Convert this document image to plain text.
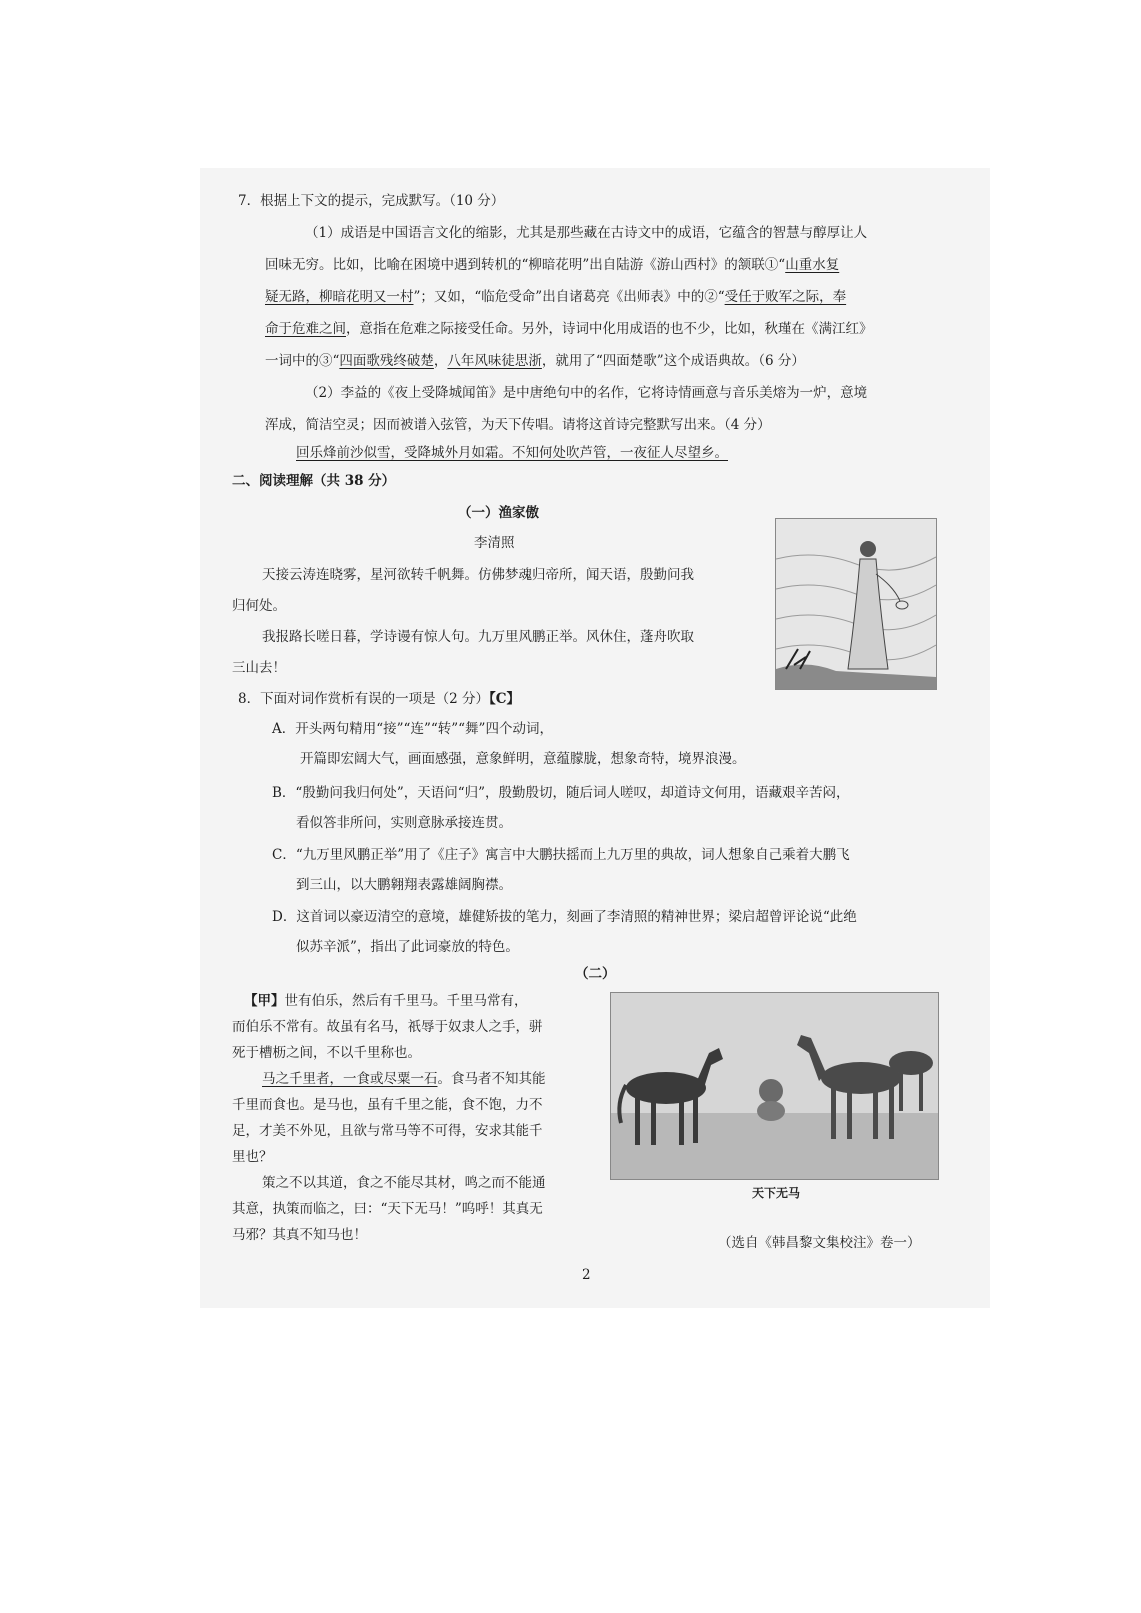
7．根据上下文的提示，完成默写。（10 分）
（1）成语是中国语言文化的缩影，尤其是那些藏在古诗文中的成语，它蕴含的智慧与醇厚让人
回味无穷。比如，比喻在困境中遇到转机的“柳暗花明”出自陆游《游山西村》的颔联①“山重水复
疑无路，柳暗花明又一村”；又如，“临危受命”出自诸葛亮《出师表》中的②“受任于败军之际，奉
命于危难之间，意指在危难之际接受任命。另外，诗词中化用成语的也不少，比如，秋瑾在《满江红》
一词中的③“四面歌残终破楚，八年风味徒思浙，就用了“四面楚歌”这个成语典故。（6 分）
（2）李益的《夜上受降城闻笛》是中唐绝句中的名作，它将诗情画意与音乐美熔为一炉，意境
浑成，简洁空灵；因而被谱入弦管，为天下传唱。请将这首诗完整默写出来。（4 分）
回乐烽前沙似雪，受降城外月如霜。不知何处吹芦管，一夜征人尽望乡。
二、阅读理解（共 38 分）
（一）渔家傲
李清照
天接云涛连晓雾，星河欲转千帆舞。仿佛梦魂归帝所，闻天语，殷勤问我
归何处。
我报路长嗟日暮，学诗谩有惊人句。九万里风鹏正举。风休住，蓬舟吹取
三山去！
8．下面对词作赏析有误的一项是（2 分）【C】
A．开头两句精用“接”“连”“转”“舞”四个动词，
开篇即宏阔大气，画面感强，意象鲜明，意蕴朦胧，想象奇特，境界浪漫。
B．“殷勤问我归何处”，天语问“归”，殷勤殷切，随后词人嗟叹，却道诗文何用，语藏艰辛苦闷，
看似答非所问，实则意脉承接连贯。
C．“九万里风鹏正举”用了《庄子》寓言中大鹏扶摇而上九万里的典故，词人想象自己乘着大鹏飞
到三山，以大鹏翱翔表露雄阔胸襟。
D．这首词以豪迈清空的意境，雄健矫拔的笔力，刻画了李清照的精神世界；梁启超曾评论说“此绝
似苏辛派”，指出了此词豪放的特色。
（二）
【甲】世有伯乐，然后有千里马。千里马常有，
而伯乐不常有。故虽有名马，祇辱于奴隶人之手，骈
死于槽枥之间，不以千里称也。
马之千里者，一食或尽粟一石。食马者不知其能
千里而食也。是马也，虽有千里之能，食不饱，力不
足，才美不外见，且欲与常马等不可得，安求其能千
里也？
策之不以其道，食之不能尽其材，鸣之而不能通
其意，执策而临之，曰：“天下无马！”呜呼！其真无
马邪？其真不知马也！
天下无马
（选自《韩昌黎文集校注》卷一）
2
